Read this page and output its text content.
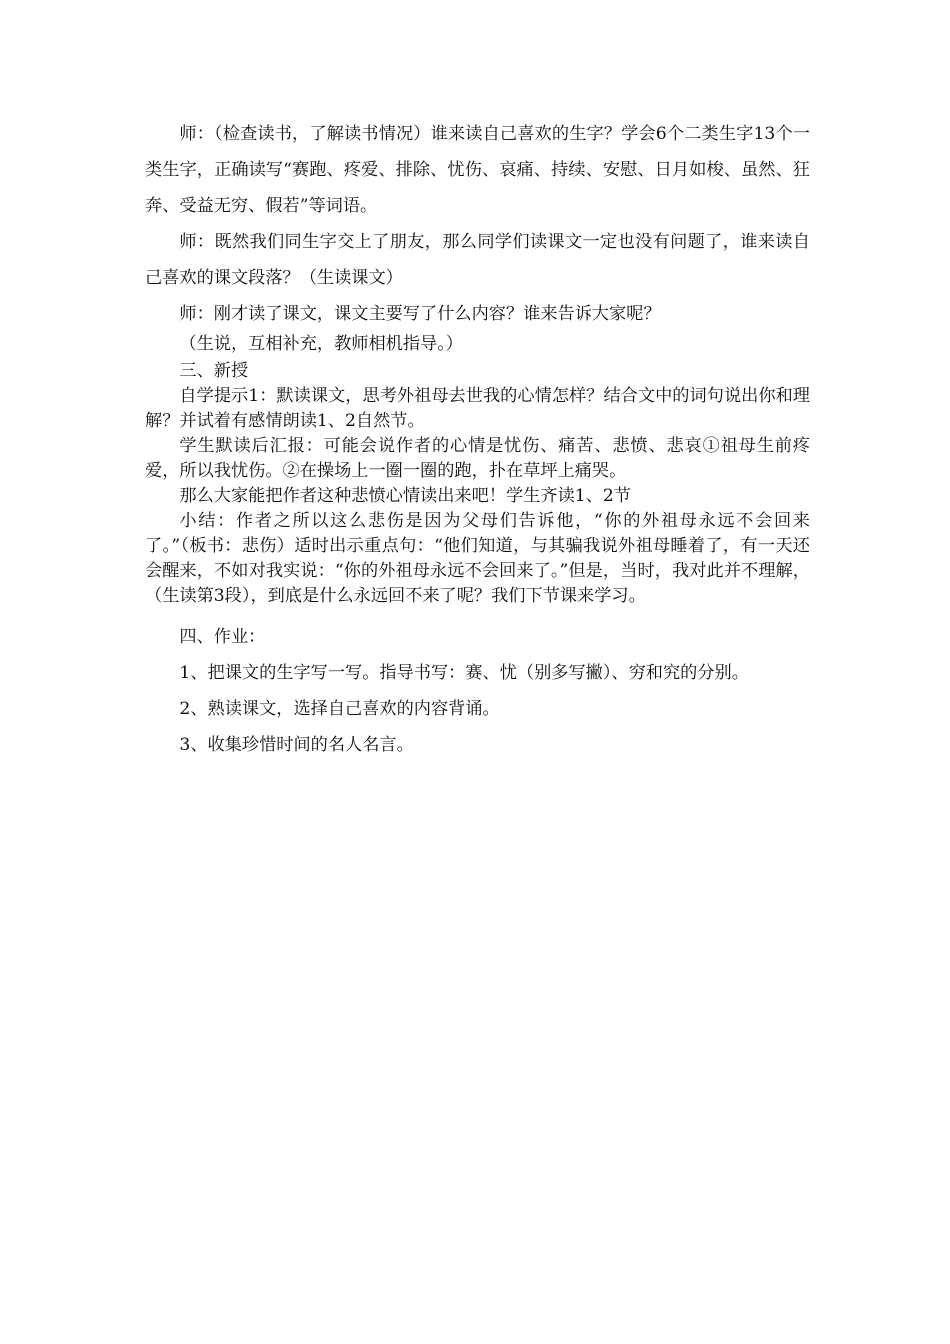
师：（检查读书，了解读书情况）谁来读自己喜欢的生字？学会6个二类生字13个一类生字，正确读写“赛跑、疼爱、排除、忧伤、哀痛、持续、安慰、日月如梭、虽然、狂奔、受益无穷、假若”等词语。

师：既然我们同生字交上了朋友，那么同学们读课文一定也没有问题了，谁来读自己喜欢的课文段落？（生读课文）

师：刚才读了课文，课文主要写了什么内容？谁来告诉大家呢？

（生说，互相补充，教师相机指导。）

三、新授

自学提示1：默读课文，思考外祖母去世我的心情怎样？结合文中的词句说出你和理解？并试着有感情朗读1、2自然节。

学生默读后汇报：可能会说作者的心情是忧伤、痛苦、悲愤、悲哀①祖母生前疼爱，所以我忧伤。②在操场上一圈一圈的跑，扑在草坪上痛哭。

那么大家能把作者这种悲愤心情读出来吧！学生齐读1、2节

小结：作者之所以这么悲伤是因为父母们告诉他，“你的外祖母永远不会回来了。”（板书：悲伤）适时出示重点句：“他们知道，与其骗我说外祖母睡着了，有一天还会醒来，不如对我实说：“你的外祖母永远不会回来了。”但是，当时，我对此并不理解，（生读第3段），到底是什么永远回不来了呢？我们下节课来学习。

四、作业：

1、把课文的生字写一写。指导书写：赛、忧（别多写撇）、穷和究的分别。

2、熟读课文，选择自己喜欢的内容背诵。

3、收集珍惜时间的名人名言。
